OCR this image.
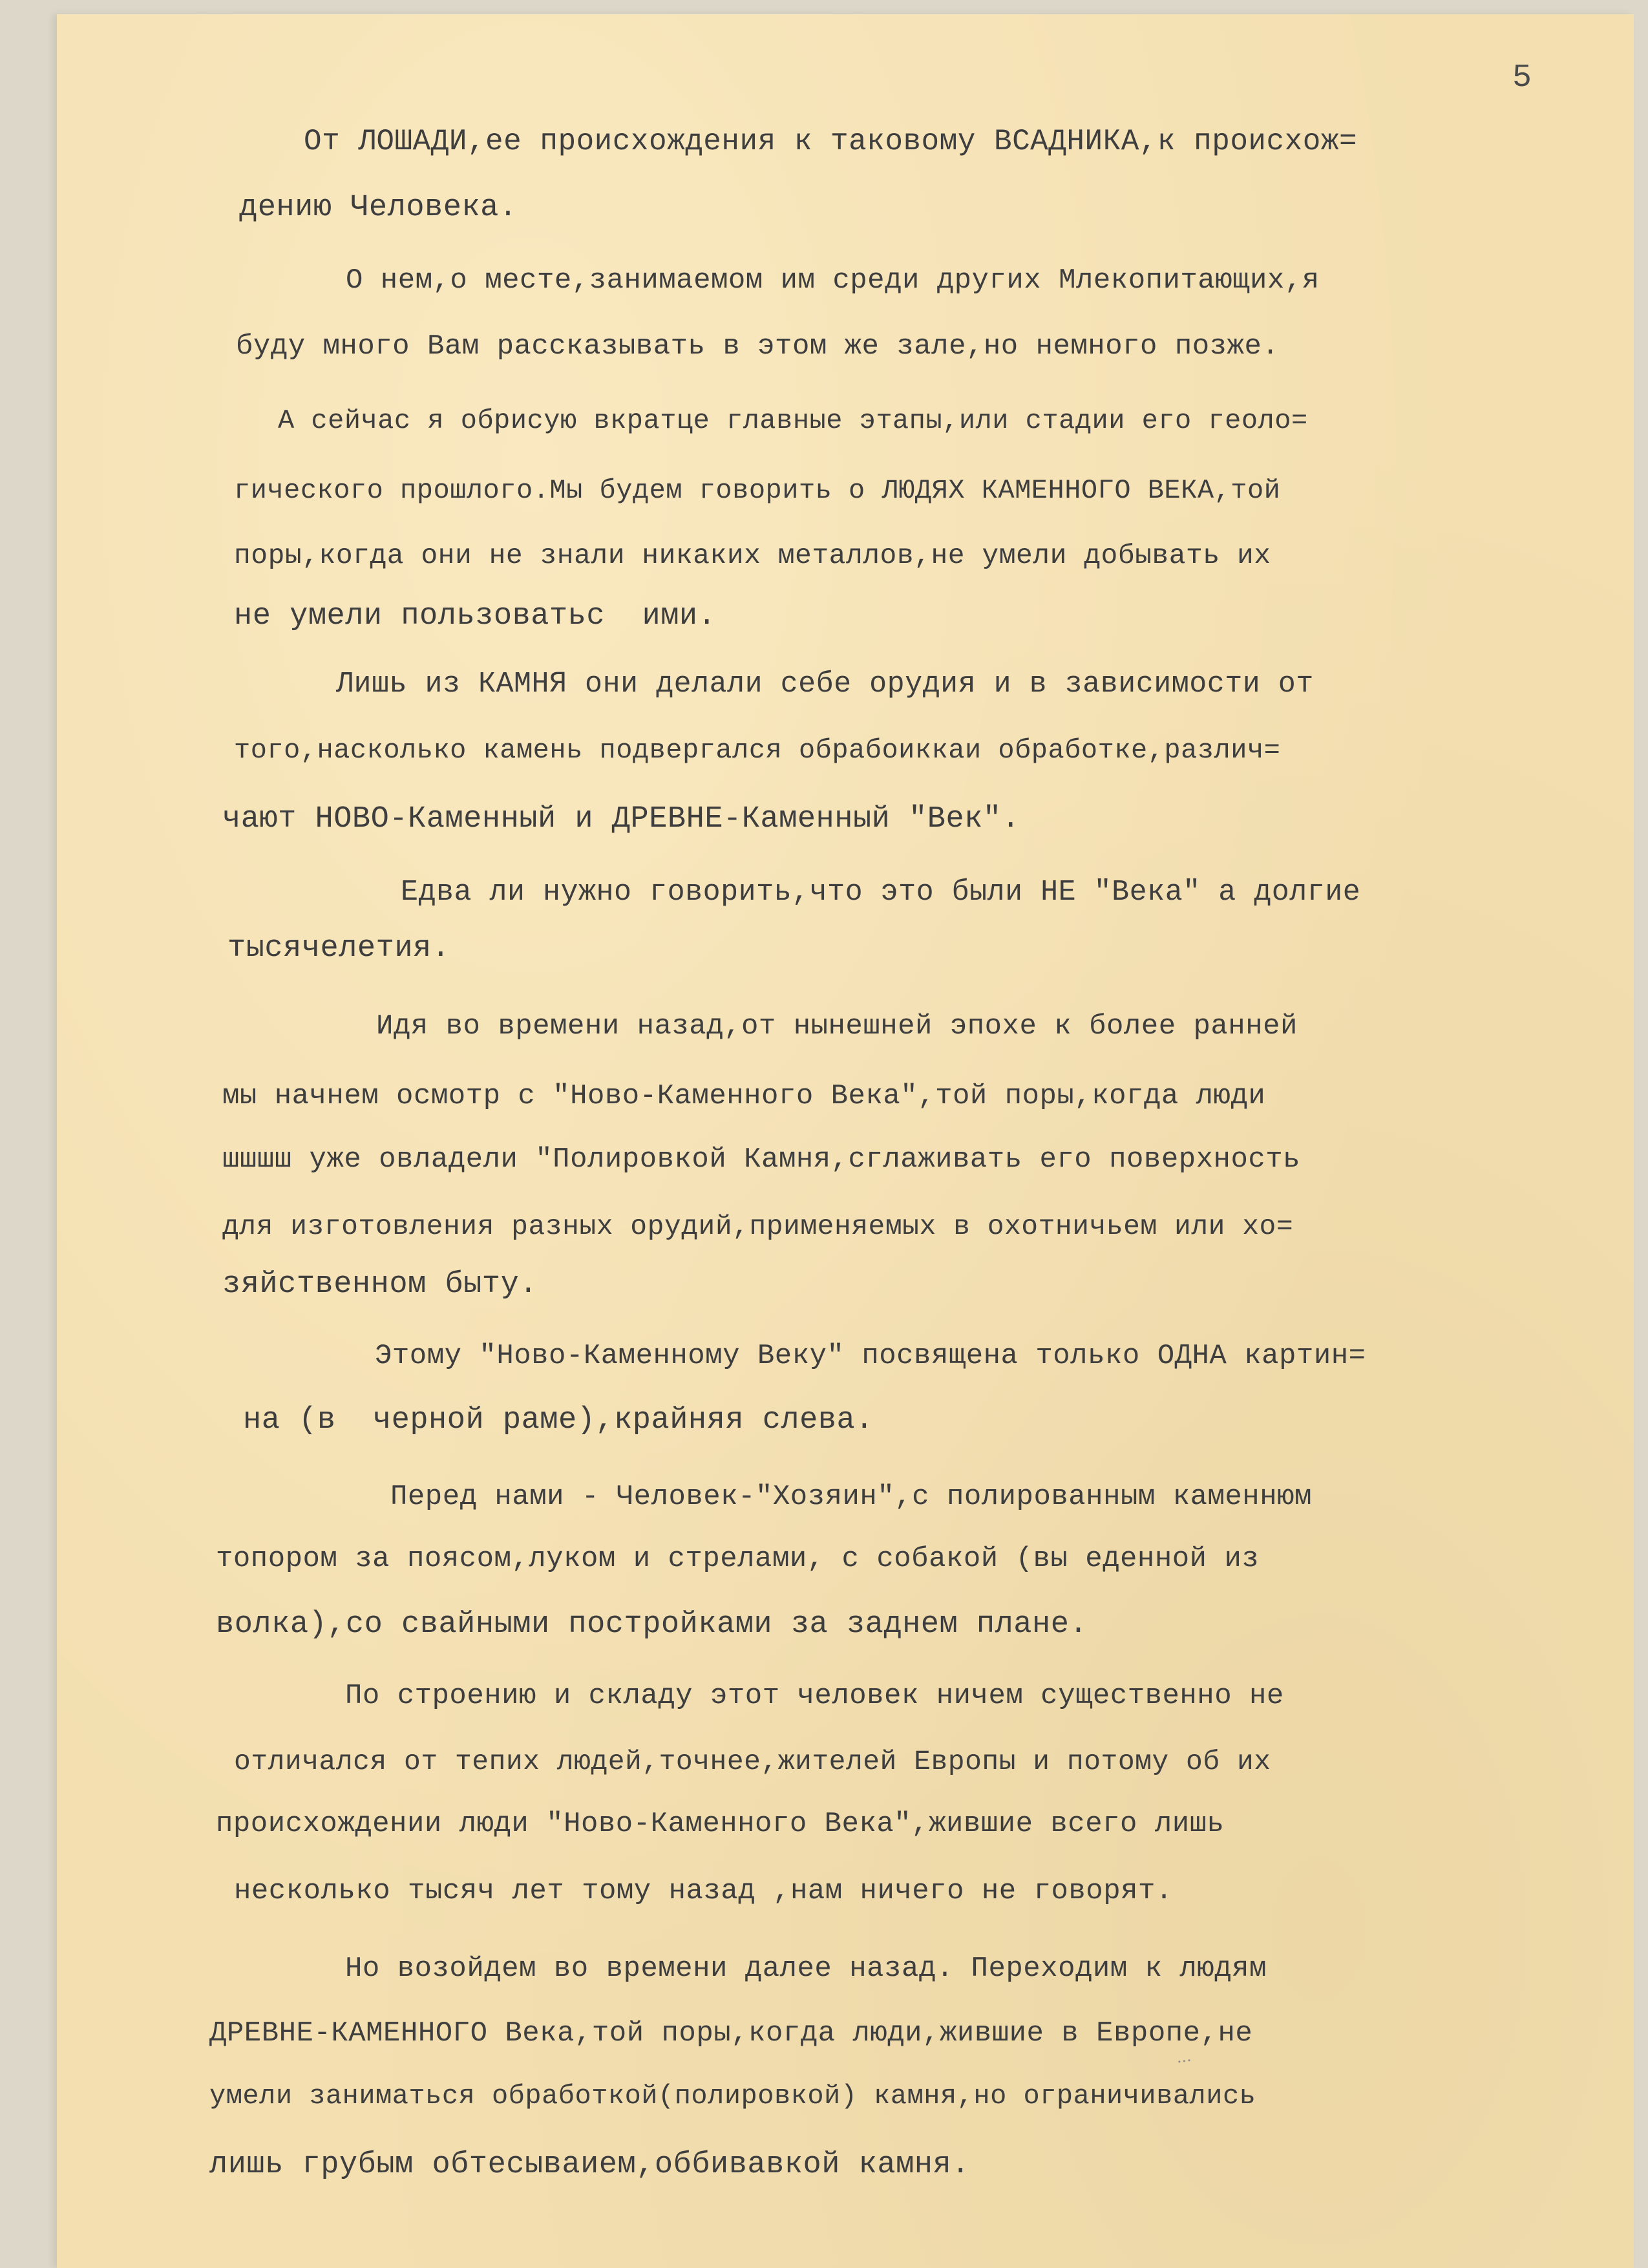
5
От ЛОШАДИ,ее происхождения к таковому ВСАДНИКА,к происхож=
дению Человека.
О нем,о месте,занимаемом им среди других Млекопитающих,я
буду много Вам рассказывать в этом же зале,но немного позже.
А сейчас я обрисую вкратце главные этапы,или стадии его геоло=
гического прошлого.Мы будем говорить о ЛЮДЯХ КАМЕННОГО ВЕКА,той
поры,когда они не знали никаких металлов,не умели добывать их
не умели пользоватьс  ими.
Лишь из КАМНЯ они делали себе орудия и в зависимости от
того,насколько камень подвергался обрабоиккаи обработке,различ=
чают НОВО-Каменный и ДРЕВНЕ-Каменный "Век".
Едва ли нужно говорить,что это были НЕ "Века" а долгие
тысячелетия.
Идя во времени назад,от нынешней эпохе к более ранней
мы начнем осмотр с "Ново-Каменного Века",той поры,когда люди
шшшш уже овладели "Полировкой Камня,сглаживать его поверхность
для изготовления разных орудий,применяемых в охотничьем или хо=
зяйственном быту.
Этому "Ново-Каменному Веку" посвящена только ОДНА картин=
на (в  черной раме),крайняя слева.
Перед нами - Человек-"Хозяин",с полированным каменнюм
топором за поясом,луком и стрелами, с собакой (вы еденной из
волка),со свайными постройками за заднем плане.
По строению и складу этот человек ничем существенно не
отличался от тепих людей,точнее,жителей Европы и потому об их
происхождении люди "Ново-Каменного Века",жившие всего лишь
несколько тысяч лет тому назад ,нам ничего не говорят.
Но возойдем во времени далее назад. Переходим к людям
ДРЕВНЕ-КАМЕННОГО Века,той поры,когда люди,жившие в Европе,не
умели заниматься обработкой(полировкой) камня,но ограничивались
лишь грубым обтесываием,оббивавкой камня.
...
